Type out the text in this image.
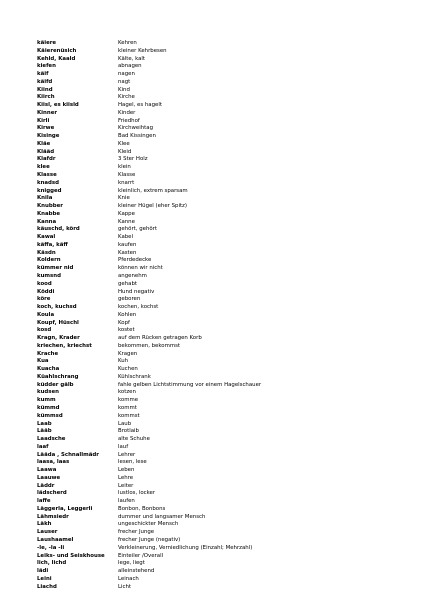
käiere	Kehren
Käierenüsich	kleiner Kehrbesen
Kehld, Kaald	Kälte, kalt
kiefen	abnagen
käif	nagen
käifd	nagt
Kiind	Kind
Kiirch	Kirche
Kiisl, es kiisld	Hagel, es hagelt
Kinner	Kinder
Kirli	Friedhof
Kirwe	Kirchweihtag
Kisinge	Bad Kissingen
Kläe	Klee
Klääd	Kleid
Klafdr	3 Ster Holz
klee	klein
Klasse	Klasse
knadsd	knarrt
knigged	kleinlich, extrem sparsam
Knila	Knie
Knubber	kleiner Hügel (eher Spitz)
Knabbe	Kappe
Kanna	Kanne
käuschd, körd	gehört, gehört
Kawal	Kabel
käffa, käff	kaufen
Käsdn	Kasten
Koldern	Pferdedecke
kümmer nid	können wir nicht
kumsnd	angenehm
kood	gehabt
Köddi	Hund negativ
köre	geboren
koch, kuchsd	kochen, kochst
Koula	Kohlen
Koupf, Hüschl	Kopf
kosd	kostet
Kragn, Krader	auf dem Rücken getragen Korb
kriechen, kriechst	bekommen, bekommst
Krache	Kragen
Kua	Kuh
Kuacha	Kuchen
Küahlschrang	Kühlschrank
küdder gälb	fahle gelben Lichtstimmung vor einem Hagelschauer
kudsen	kotzen
kumm	komme
kümmd	kommt
kümmsd	kommst
Laab	Laub
Lääb	Brotlaib
Laadsche	alte Schuhe
laaf	lauf
Lääda , Schnallmädr	Lehrer
laasa, laas	lesen, lese
Laawa	Leben
Laauwe	Lehre
Läddr	Leiter
lädscherd	lustlos, locker
laffe	laufen
Läggerla, Leggerli	Bonbon, Bonbons
Lähmsiedr	dummer und langsamer Mensch
Läkh	ungeschickter Mensch
Lauser	frecher Junge
Laushaamel	frecher Junge (negativ)
-le, -la -li	Verkleinerung, Verniedlichung (Einzahl; Mehrzahl)
Leiks- und Seiskhouse	Einteiler /Overall
lich, lichd	lege, liegt
lädi	alleinstehend
Leini	Leinach
Liachd	Licht
